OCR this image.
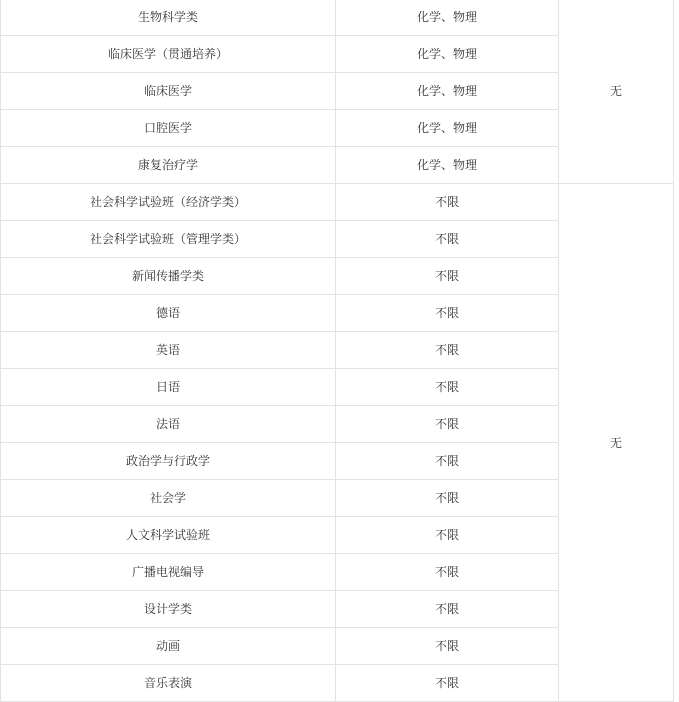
生物科学类	化学、物理	无
临床医学（贯通培养）	化学、物理	
临床医学	化学、物理	
口腔医学	化学、物理	
康复治疗学	化学、物理	
社会科学试验班（经济学类）	不限	无
社会科学试验班（管理学类）	不限	
新闻传播学类	不限	
德语	不限	
英语	不限	
日语	不限	
法语	不限	
政治学与行政学	不限	
社会学	不限	
人文科学试验班	不限	
广播电视编导	不限	
设计学类	不限	
动画	不限	
音乐表演	不限	
